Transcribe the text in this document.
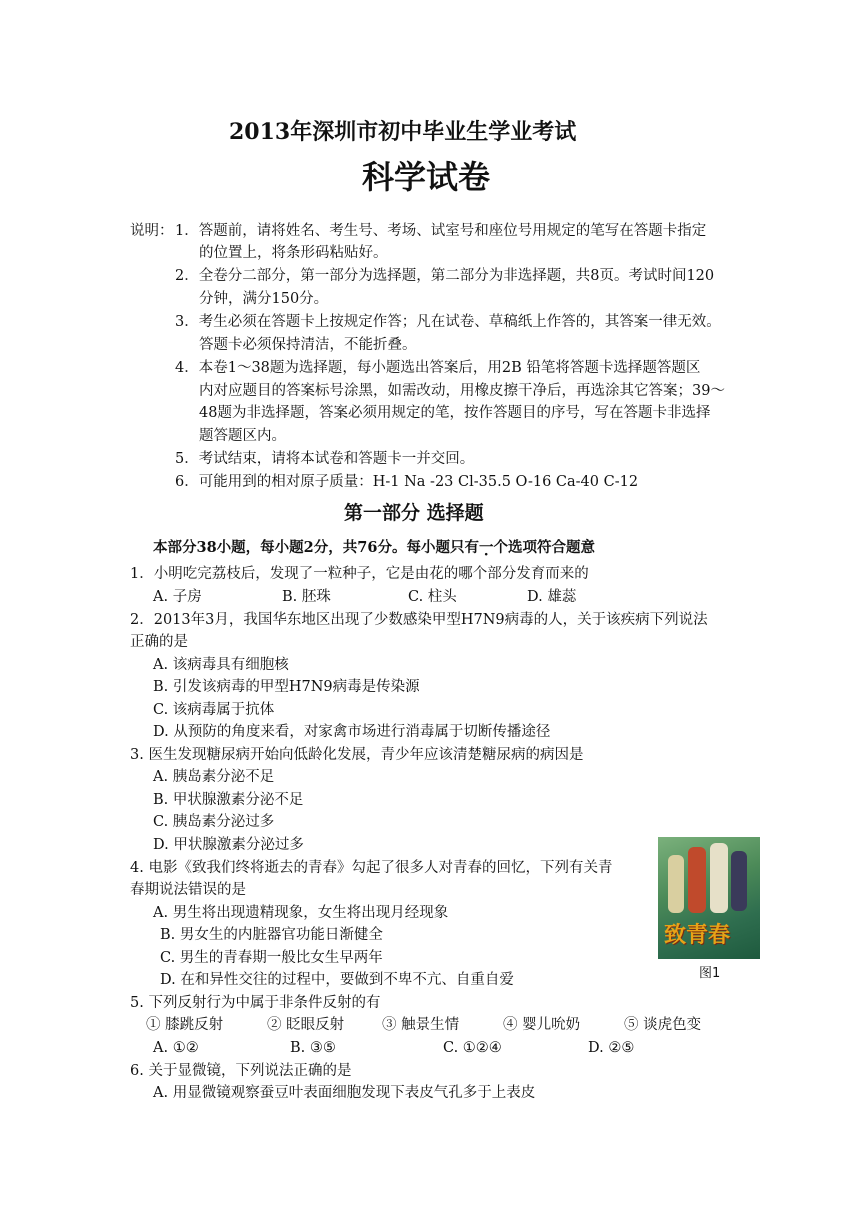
2013年深圳市初中毕业生学业考试
科学试卷
说明： 1．答题前，请将姓名、考生号、考场、试室号和座位号用规定的笔写在答题卡指定
的位置上，将条形码粘贴好。
2．全卷分二部分，第一部分为选择题，第二部分为非选择题，共8页。考试时间120
分钟，满分150分。
3．考生必须在答题卡上按规定作答；凡在试卷、草稿纸上作答的，其答案一律无效。
答题卡必须保持清洁，不能折叠。
4．本卷1～38题为选择题，每小题选出答案后，用2B 铅笔将答题卡选择题答题区
内对应题目的答案标号涂黑，如需改动，用橡皮擦干净后，再选涂其它答案；39～
48题为非选择题，答案必须用规定的笔，按作答题目的序号，写在答题卡非选择
题答题区内。
5．考试结束，请将本试卷和答题卡一并交回。
6．可能用到的相对原子质量：H-1 Na -23 Cl-35.5 O-16 Ca-40 C-12
第一部分 选择题
本部分38小题，每小题2分，共76分。每小题只有一个选项符合题意
1．小明吃完荔枝后，发现了一粒种子，它是由花的哪个部分发育而来的
A. 子房	B. 胚珠	C. 柱头	D. 雄蕊
2．2013年3月，我国华东地区出现了少数感染甲型H7N9病毒的人，关于该疾病下列说法
正确的是
A. 该病毒具有细胞核
B. 引发该病毒的甲型H7N9病毒是传染源
C. 该病毒属于抗体
D. 从预防的角度来看，对家禽市场进行消毒属于切断传播途径
3. 医生发现糖尿病开始向低龄化发展，青少年应该清楚糖尿病的病因是
A. 胰岛素分泌不足
B. 甲状腺激素分泌不足
C. 胰岛素分泌过多
D. 甲状腺激素分泌过多
4. 电影《致我们终将逝去的青春》勾起了很多人对青春的回忆，下列有关青
春期说法错误的是
A. 男生将出现遗精现象，女生将出现月经现象
B. 男女生的内脏器官功能日渐健全
C. 男生的青春期一般比女生早两年
D. 在和异性交往的过程中，要做到不卑不亢、自重自爱
致青春
图1
5. 下列反射行为中属于非条件反射的有
① 膝跳反射	② 眨眼反射	③ 触景生情	④ 婴儿吮奶	⑤ 谈虎色变
A. ①②	B. ③⑤	C. ①②④	D. ②⑤
6. 关于显微镜，下列说法正确的是
A. 用显微镜观察蚕豆叶表面细胞发现下表皮气孔多于上表皮
